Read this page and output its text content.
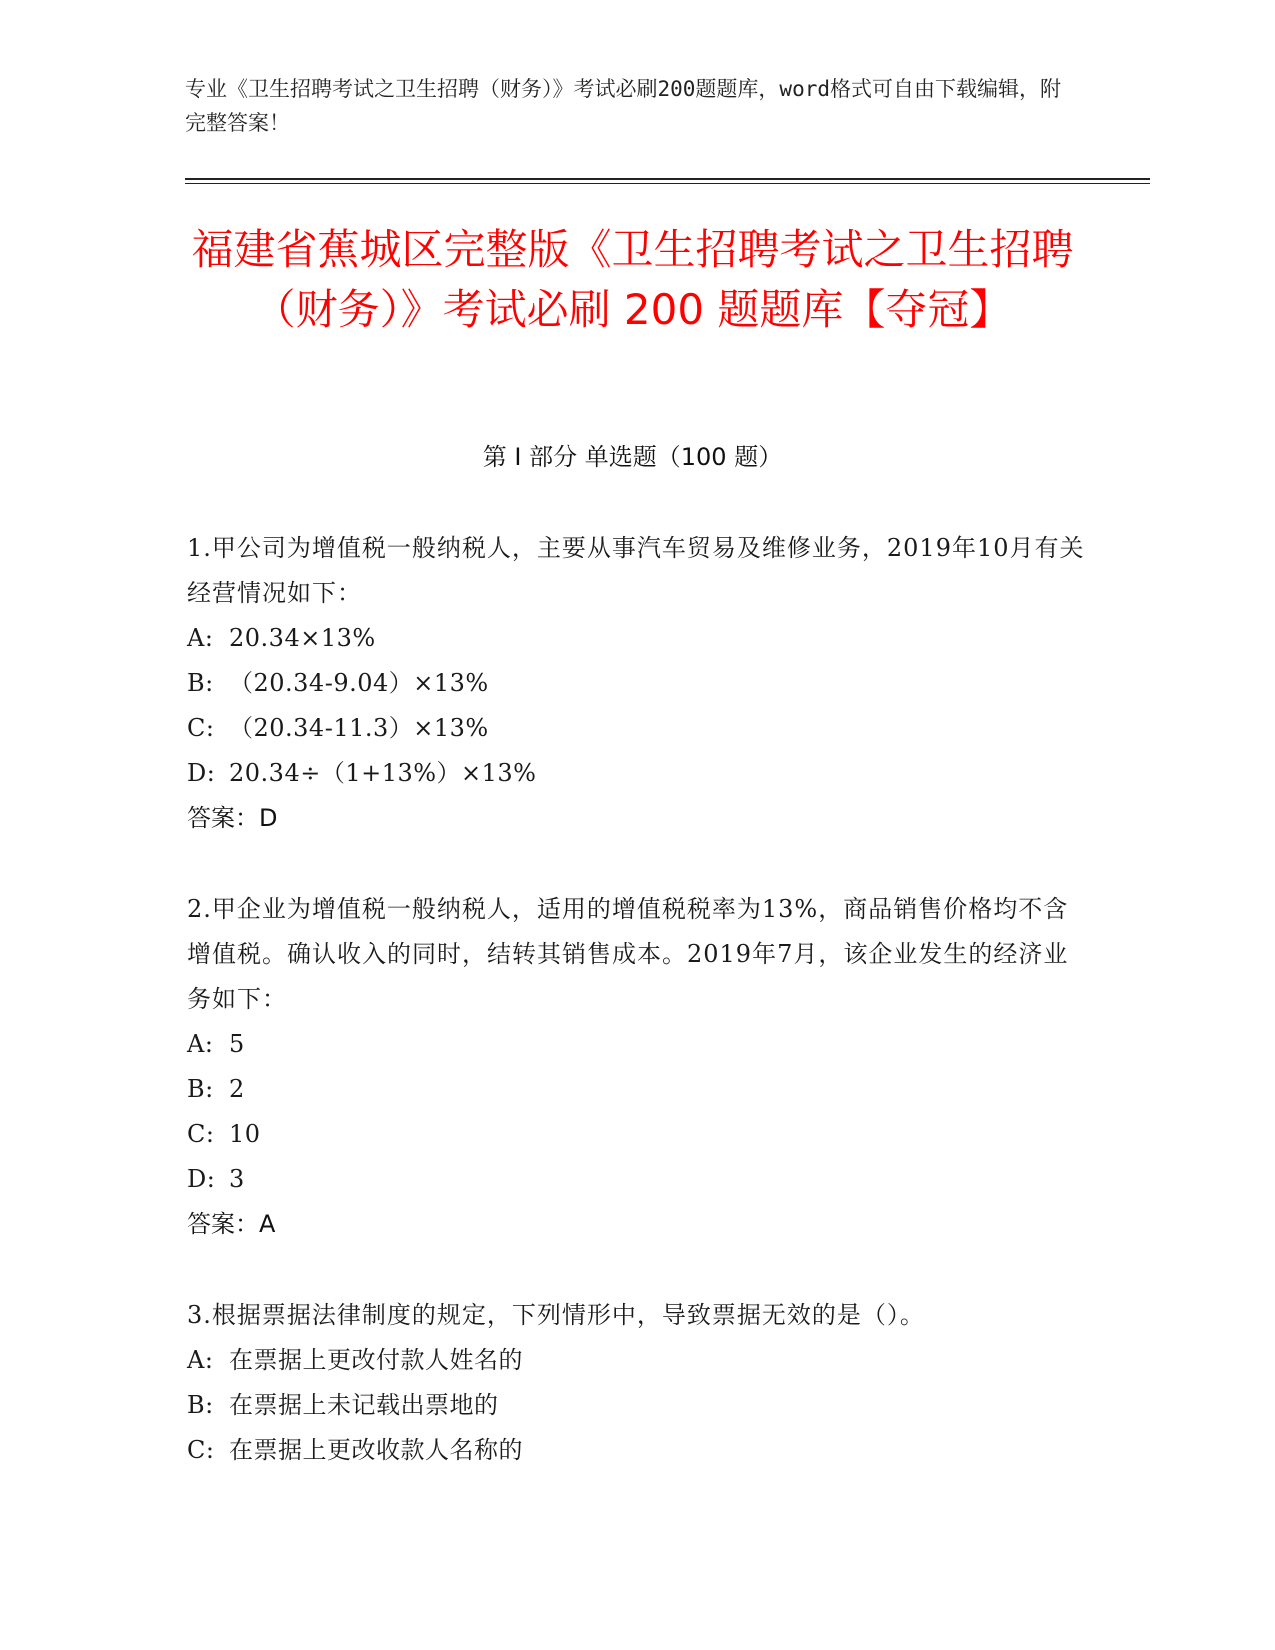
专业《卫生招聘考试之卫生招聘（财务）》考试必刷200题题库，word格式可自由下载编辑，附完整答案！
福建省蕉城区完整版《卫生招聘考试之卫生招聘（财务）》考试必刷 200 题题库【夺冠】
第 I 部分 单选题（100 题）
1.甲公司为增值税一般纳税人，主要从事汽车贸易及维修业务，2019年10月有关经营情况如下：
A: 20.34×13%
B: （20.34-9.04）×13%
C: （20.34-11.3）×13%
D: 20.34÷（1+13%）×13%
答案：D
2.甲企业为增值税一般纳税人，适用的增值税税率为13%，商品销售价格均不含增值税。确认收入的同时，结转其销售成本。2019年7月，该企业发生的经济业务如下：
A: 5
B: 2
C: 10
D: 3
答案：A
3.根据票据法律制度的规定，下列情形中，导致票据无效的是（）。
A: 在票据上更改付款人姓名的
B: 在票据上未记载出票地的
C: 在票据上更改收款人名称的
